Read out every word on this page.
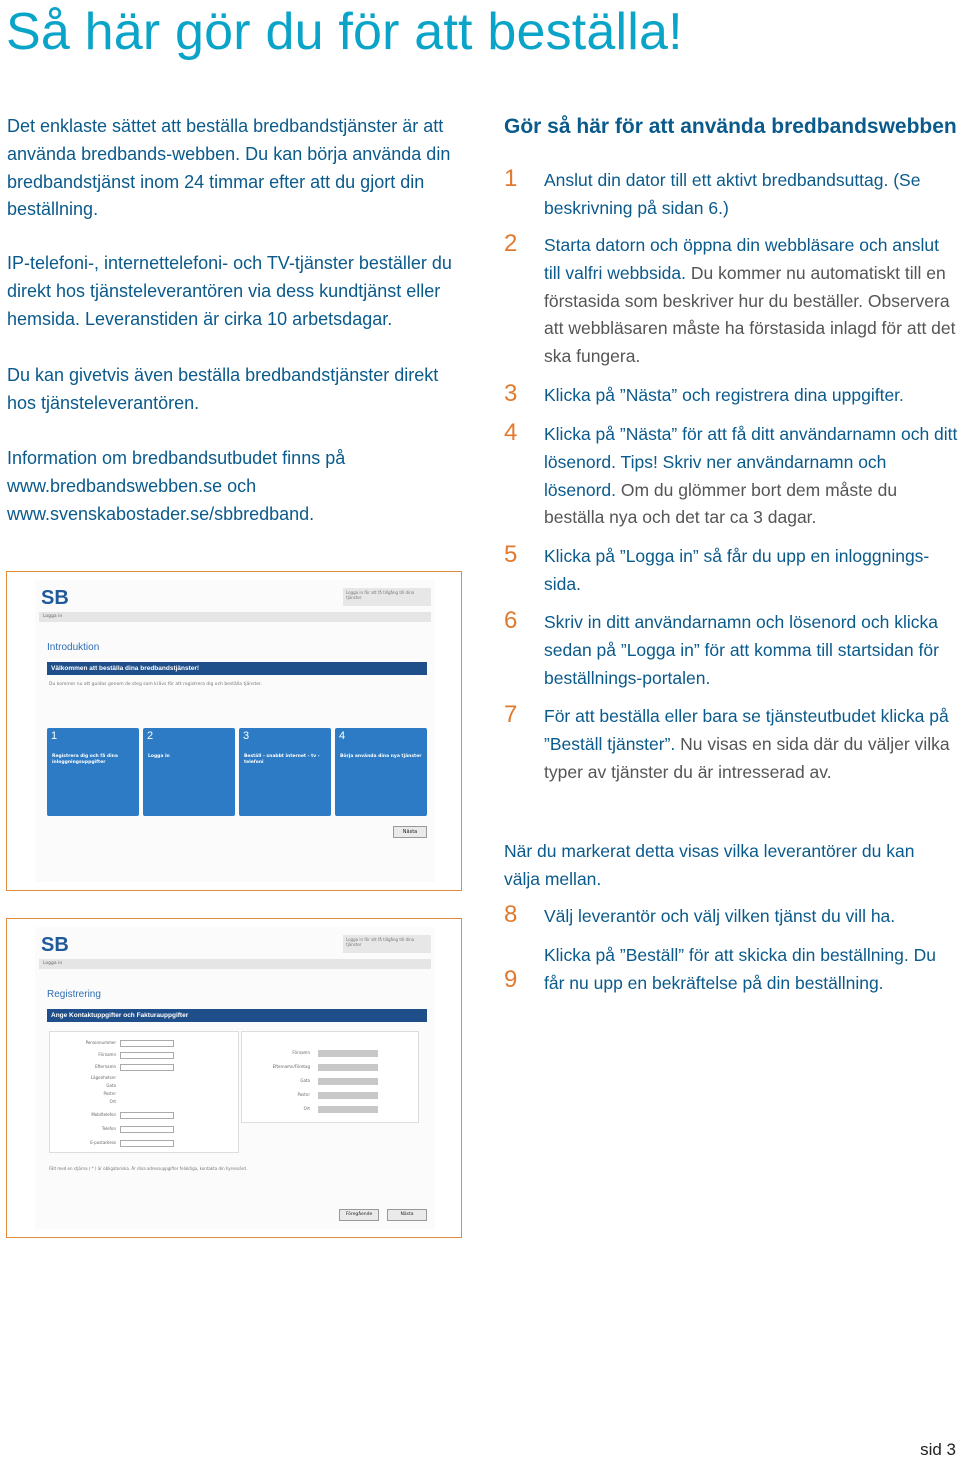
Så här gör du för att beställa!

Det enklaste sättet att beställa bredbandstjänster är att använda bredbands-webben. Du kan börja använda din bredbandstjänst inom 24 timmar efter att du gjort din beställning.

IP-telefoni-, internettelefoni- och TV-tjänster beställer du direkt hos tjänsteleverantören via dess kundtjänst eller hemsida. Leveranstiden är cirka 10 arbetsdagar.

Du kan givetvis även beställa bredbandstjänster direkt hos tjänsteleverantören.

Information om bredbandsutbudet finns på www.bredbandswebben.se och www.svenskabostader.se/sbbredband.

SB	Logga in för att få tillgång till dina tjänster
Logga in
Introduktion
Välkommen att beställa dina bredbandstjänster!
Du kommer nu att guidas genom de steg som krävs för att registrera dig och beställa tjänster.
1
Registrera dig och få dina inloggningsuppgifter
2
Logga in
3
Beställ - snabbt internet - tv - telefoni
4
Börja använda dina nya tjänster
Nästa
SB	Logga in för att få tillgång till dina tjänster
Logga in
Registrering
Ange Kontaktuppgifter och Fakturauppgifter
Personnummer
Förnamn
Efternamn
Lägenhetsnr
Gata
Postnr
Ort
Mobiltelefon
Telefon
E-postadress
Förnamn
Efternamn/Företag
Gata
Postnr
Ort
Fält med en stjärna ( * ) är obligatoriska. Är dina adressuppgifter felaktiga, kontakta din hyresvärd.
Föregående	Nästa
Gör så här för att använda bredbandswebben
1	Anslut din dator till ett aktivt bredbandsuttag. (Se beskrivning på sidan 6.)

2	Starta datorn och öppna din webbläsare och anslut till valfri webbsida. Du kommer nu automatiskt till en förstasida som beskriver hur du beställer. Observera att webbläsaren måste ha förstasida inlagd för att det ska fungera.

3	Klicka på ”Nästa” och registrera dina uppgifter.

4	Klicka på ”Nästa” för att få ditt användarnamn och ditt lösenord. Tips! Skriv ner användarnamn och lösenord. Om du glömmer bort dem måste du beställa nya och det tar ca 3 dagar.

5	Klicka på ”Logga in” så får du upp en inloggnings-sida.

6	Skriv in ditt användarnamn och lösenord och klicka sedan på ”Logga in” för att komma till startsidan för beställnings-portalen.

7	För att beställa eller bara se tjänsteutbudet klicka på ”Beställ tjänster”. Nu visas en sida där du väljer vilka typer av tjänster du är intresserad av.

När du markerat detta visas vilka leverantörer du kan välja mellan.

8	Välj leverantör och välj vilken tjänst du vill ha.

9

Klicka på ”Beställ” för att skicka din beställning. Du får nu upp en bekräftelse på din beställning.

sid 3
